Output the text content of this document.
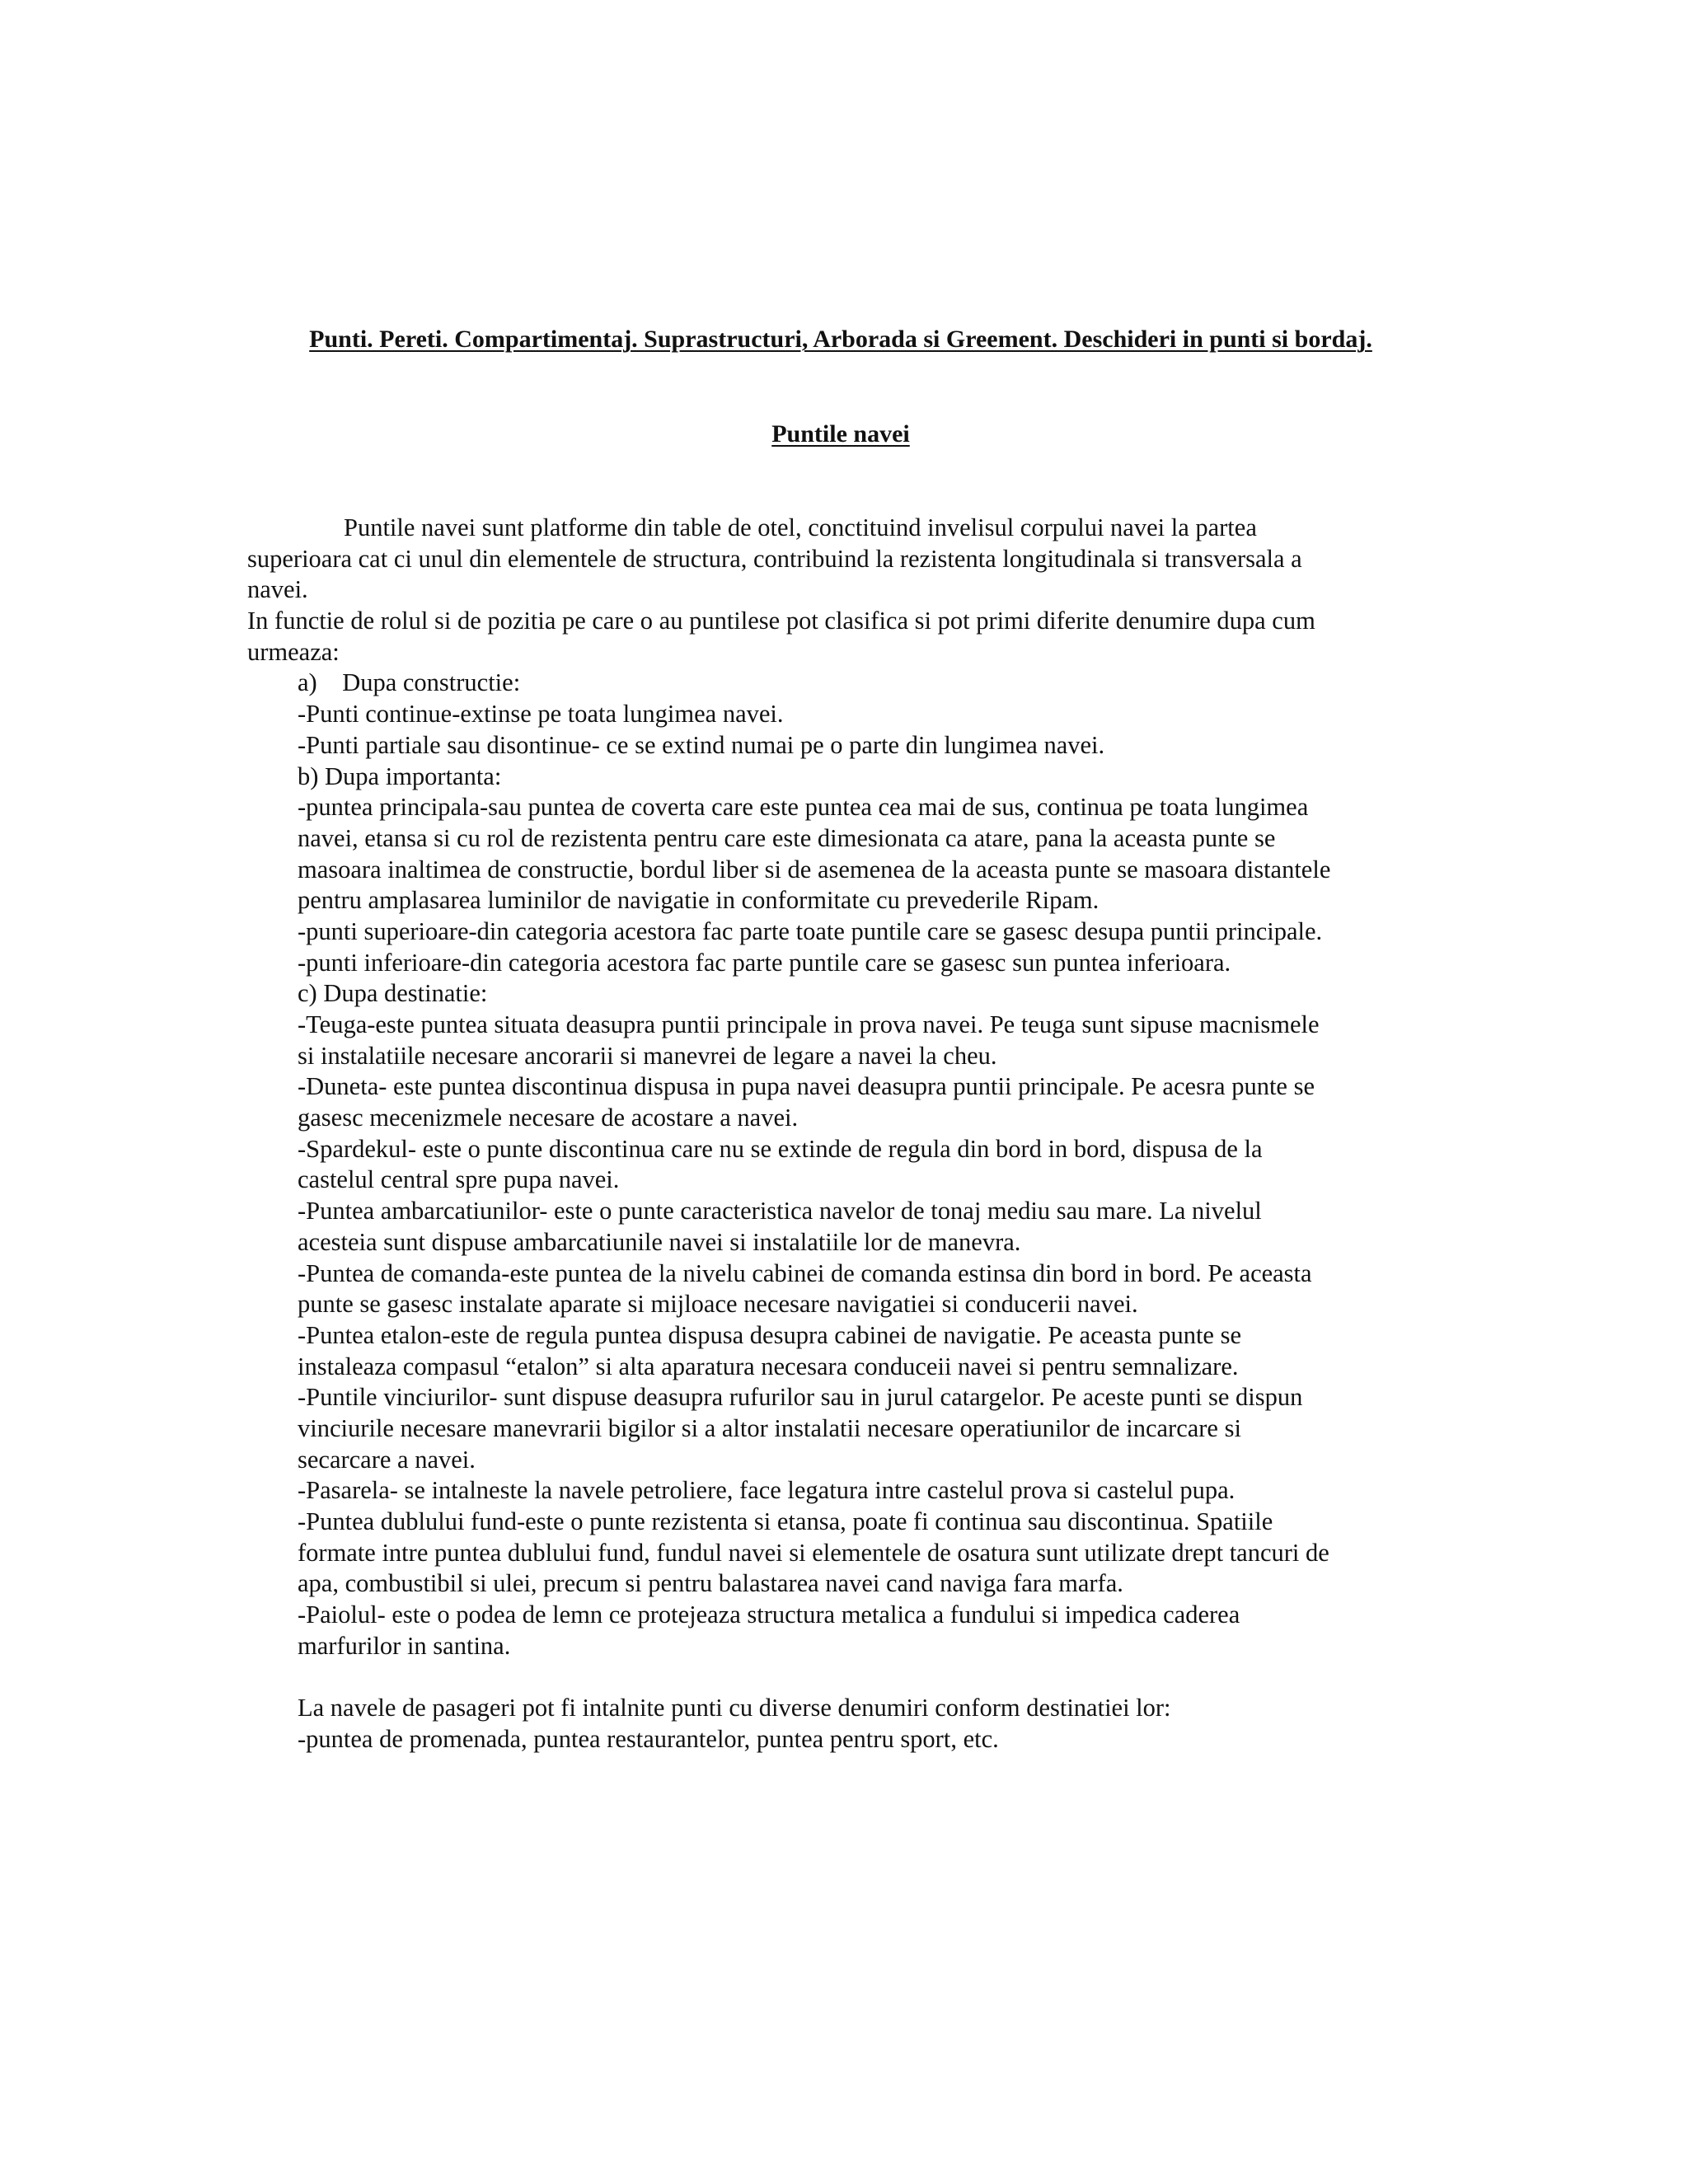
Punti. Pereti. Compartimentaj. Suprastructuri, Arborada si Greement. Deschideri in punti si bordaj.
Puntile navei
Puntile navei sunt platforme din table de otel, conctituind invelisul corpului navei la partea
superioara cat ci unul din elementele de structura, contribuind la rezistenta longitudinala si transversala a
navei.
In functie de rolul si de pozitia pe care o au puntilese pot clasifica si pot primi diferite denumire dupa cum
urmeaza:
a)    Dupa constructie:
-Punti continue-extinse pe toata lungimea navei.
-Punti partiale sau disontinue- ce se extind numai pe o parte din lungimea navei.
b) Dupa importanta:
-puntea principala-sau puntea de coverta care este puntea cea mai de sus, continua pe toata lungimea
navei, etansa si cu rol de rezistenta pentru care este dimesionata ca atare, pana la aceasta punte se
masoara inaltimea de constructie, bordul liber si de asemenea de la aceasta punte se masoara distantele
pentru amplasarea luminilor de navigatie in conformitate cu prevederile Ripam.
-punti superioare-din categoria acestora fac parte toate puntile care se gasesc desupa puntii principale.
-punti inferioare-din categoria acestora fac parte puntile care se gasesc sun puntea inferioara.
c) Dupa destinatie:
-Teuga-este puntea situata deasupra puntii principale in prova navei. Pe teuga sunt sipuse macnismele
si instalatiile necesare ancorarii si manevrei de legare a navei la cheu.
-Duneta- este puntea discontinua dispusa in pupa navei deasupra puntii principale. Pe acesra punte se
gasesc mecenizmele necesare de acostare a navei.
-Spardekul- este o punte discontinua care nu se extinde de regula din bord in bord, dispusa de la
castelul central spre pupa navei.
-Puntea ambarcatiunilor- este o punte caracteristica navelor de tonaj mediu sau mare. La nivelul
acesteia sunt dispuse ambarcatiunile navei si instalatiile lor de manevra.
-Puntea de comanda-este puntea de la nivelu cabinei de comanda estinsa din bord in bord. Pe aceasta
punte se gasesc instalate aparate si mijloace necesare navigatiei si conducerii navei.
-Puntea etalon-este de regula puntea dispusa desupra cabinei de navigatie. Pe aceasta punte se
instaleaza compasul “etalon” si alta aparatura necesara conduceii navei si pentru semnalizare.
-Puntile vinciurilor- sunt dispuse deasupra rufurilor sau in jurul catargelor. Pe aceste punti se dispun
vinciurile necesare manevrarii bigilor si a altor instalatii necesare operatiunilor de incarcare si
secarcare a navei.
-Pasarela- se intalneste la navele petroliere, face legatura intre castelul prova si castelul pupa.
-Puntea dublului fund-este o punte rezistenta si etansa, poate fi continua sau discontinua. Spatiile
formate intre puntea dublului fund, fundul navei si elementele de osatura sunt utilizate drept tancuri de
apa, combustibil si ulei, precum si pentru balastarea navei cand naviga fara marfa.
-Paiolul- este o podea de lemn ce protejeaza structura metalica a fundului si impedica caderea
marfurilor in santina.
La navele de pasageri pot fi intalnite punti cu diverse denumiri conform destinatiei lor:
-puntea de promenada, puntea restaurantelor, puntea pentru sport, etc.
